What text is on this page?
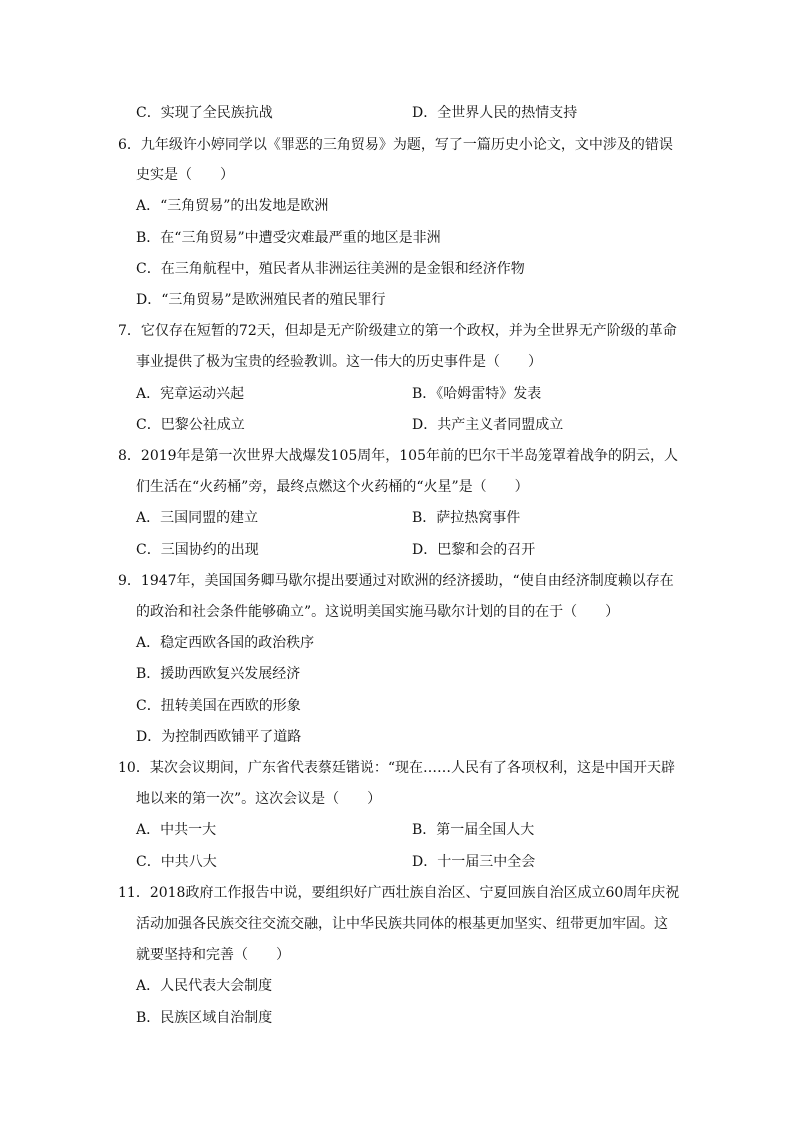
C．实现了全民族抗战	D．全世界人民的热情支持
6．九年级许小婷同学以《罪恶的三角贸易》为题，写了一篇历史小论文，文中涉及的错误
史实是（　　）
A．“三角贸易”的出发地是欧洲
B．在“三角贸易”中遭受灾难最严重的地区是非洲
C．在三角航程中，殖民者从非洲运往美洲的是金银和经济作物
D．“三角贸易”是欧洲殖民者的殖民罪行
7．它仅存在短暂的72天，但却是无产阶级建立的第一个政权，并为全世界无产阶级的革命
事业提供了极为宝贵的经验教训。这一伟大的历史事件是（　　）
A．宪章运动兴起	B．《哈姆雷特》发表
C．巴黎公社成立	D．共产主义者同盟成立
8．2019年是第一次世界大战爆发105周年，105年前的巴尔干半岛笼罩着战争的阴云，人
们生活在“火药桶”旁，最终点燃这个火药桶的“火星”是（　　）
A．三国同盟的建立	B．萨拉热窝事件
C．三国协约的出现	D．巴黎和会的召开
9．1947年，美国国务卿马歇尔提出要通过对欧洲的经济援助，“使自由经济制度赖以存在
的政治和社会条件能够确立”。这说明美国实施马歇尔计划的目的在于（　　）
A．稳定西欧各国的政治秩序
B．援助西欧复兴发展经济
C．扭转美国在西欧的形象
D．为控制西欧铺平了道路
10．某次会议期间，广东省代表蔡廷锴说：“现在……人民有了各项权利，这是中国开天辟
地以来的第一次”。这次会议是（　　）
A．中共一大	B．第一届全国人大
C．中共八大	D．十一届三中全会
11．2018政府工作报告中说，要组织好广西壮族自治区、宁夏回族自治区成立60周年庆祝
活动加强各民族交往交流交融，让中华民族共同体的根基更加坚实、纽带更加牢固。这
就要坚持和完善（　　）
A．人民代表大会制度
B．民族区域自治制度
